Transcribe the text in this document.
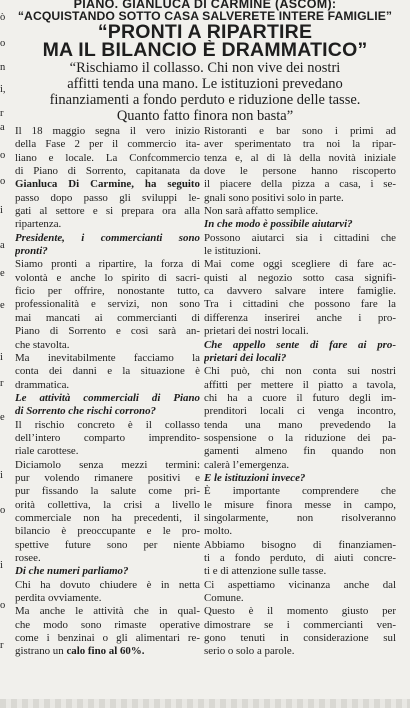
ò
o
n
i,
r
a
o
o
i
a
e
e
i
r
e
i
o
i
o
r
PIANO. GIANLUCA DI CARMINE (ASCOM):
“ACQUISTANDO SOTTO CASA SALVERETE INTERE FAMIGLIE”
“PRONTI A RIPARTIRE
MA IL BILANCIO È DRAMMATICO”
“Rischiamo il collasso. Chi non vive dei nostri
affitti tenda una mano. Le istituzioni prevedano
finanziamenti a fondo perduto e riduzione delle tasse.
Quanto fatto finora non basta”

Il 18 maggio segna il vero inizio

della Fase 2 per il commercio ita-

liano e locale. La Confcommercio

di Piano di Sorrento, capitanata da

Gianluca Di Carmine, ha seguito

passo dopo passo gli sviluppi le-

gati al settore e si prepara ora alla

ripartenza.

Presidente, i commercianti sono

pronti?

Siamo pronti a ripartire, la forza di

volontà e anche lo spirito di sacri-

ficio per offrire, nonostante tutto,

professionalità e servizi, non sono

mai mancati ai commercianti di

Piano di Sorrento e così sarà an-

che stavolta.

Ma inevitabilmente facciamo la

conta dei danni e la situazione è

drammatica.

Le attività commerciali di Piano

di Sorrento che rischi corrono?

Il rischio concreto è il collasso

dell’intero comparto imprenditо-

riale carottese.

Diciamolo senza mezzi termini:

pur volendo rimanere positivi e

pur fissando la salute come pri-

orità collettiva, la crisi a livello

commerciale non ha precedenti, il

bilancio è preoccupante e le pro-

spettive future sono per niente

rosee.

Di che numeri parliamo?

Chi ha dovuto chiudere è in netta

perdita ovviamente.

Ma anche le attività che in qual-

che modo sono rimaste operative

come i benzinai o gli alimentari re-

gistrano un calo fino al 60%.

Ristoranti e bar sono i primi ad

aver sperimentato tra noi la ripar-

tenza e, al di là della novità iniziale

dove le persone hanno riscoperto

il piacere della pizza a casa, i se-

gnali sono positivi solo in parte.

Non sarà affatto semplice.

In che modo è possibile aiutarvi?

Possono aiutarci sia i cittadini che

le istituzioni.

Mai come oggi scegliere di fare ac-

quisti al negozio sotto casa signifi-

ca davvero salvare intere famiglie.

Tra i cittadini che possono fare la

differenza inserirei anche i pro-

prietari dei nostri locali.

Che appello sente di fare ai pro-

prietari dei locali?

Chi può, chi non conta sui nostri

affitti per mettere il piatto a tavola,

chi ha a cuore il futuro degli im-

prenditori locali ci venga incontro,

tenda una mano prevedendo la

sospensione o la riduzione dei pa-

gamenti almeno fin quando non

calerà l’emergenza.

E le istituzioni invece?

È importante comprendere che

le misure finora messe in campo,

singolarmente, non risolveranno

molto.

Abbiamo bisogno di finanziamen-

ti a fondo perduto, di aiuti concre-

ti e di attenzione sulle tasse.

Ci aspettiamo vicinanza anche dal

Comune.

Questo è il momento giusto per

dimostrare se i commercianti ven-

gono tenuti in considerazione sul

serio o solo a parole.
